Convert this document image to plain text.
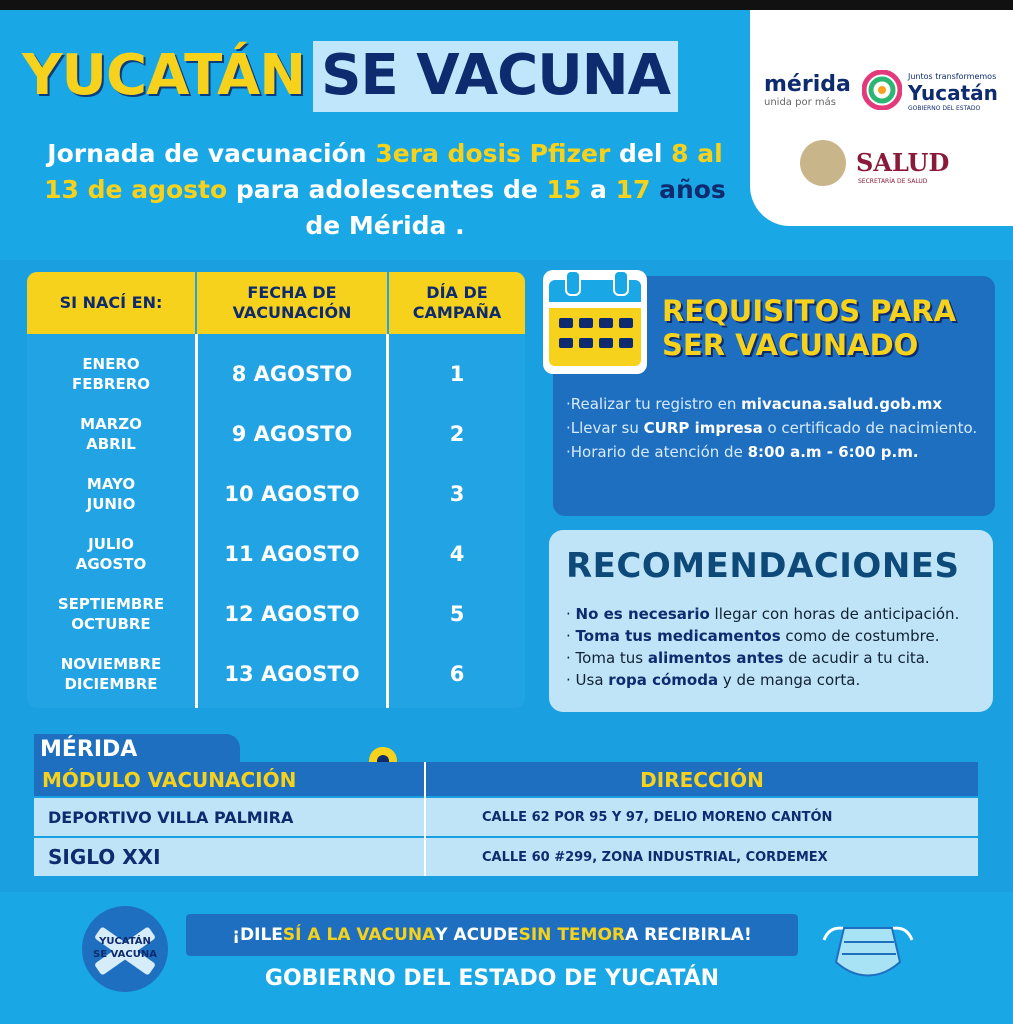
YUCATÁN SE VACUNA
Jornada de vacunación 3era dosis Pfizer del 8 al 13 de agosto para adolescentes de 15 a 17 años de Mérida .
mérida
unida por más
Juntos transformemos
Yucatán
GOBIERNO DEL ESTADO
SALUD
SECRETARÍA DE SALUD
SI NACÍ EN:
FECHA DE VACUNACIÓN
DÍA DE CAMPAÑA
ENERO
FEBRERO	8 AGOSTO	1
MARZO
ABRIL	9 AGOSTO	2
MAYO
JUNIO	10 AGOSTO	3
JULIO
AGOSTO	11 AGOSTO	4
SEPTIEMBRE
OCTUBRE	12 AGOSTO	5
NOVIEMBRE
DICIEMBRE	13 AGOSTO	6
REQUISITOS PARA
SER VACUNADO
·Realizar tu registro en mivacuna.salud.gob.mx
·Llevar su CURP impresa o certificado de nacimiento.
·Horario de atención de 8:00 a.m - 6:00 p.m.
RECOMENDACIONES
· No es necesario llegar con horas de anticipación.
· Toma tus medicamentos como de costumbre.
· Toma tus alimentos antes de acudir a tu cita.
· Usa ropa cómoda y de manga corta.
MÉRIDA
MÓDULO VACUNACIÓN	DIRECCIÓN
DEPORTIVO VILLA PALMIRA	CALLE 62 POR 95 Y 97, DELIO MORENO CANTÓN
SIGLO XXI	CALLE 60 #299, ZONA INDUSTRIAL, CORDEMEX
YUCATÁN
SE VACUNA
¡DILE SÍ A LA VACUNA Y ACUDE SIN TEMOR A RECIBIRLA!
GOBIERNO DEL ESTADO DE YUCATÁN
